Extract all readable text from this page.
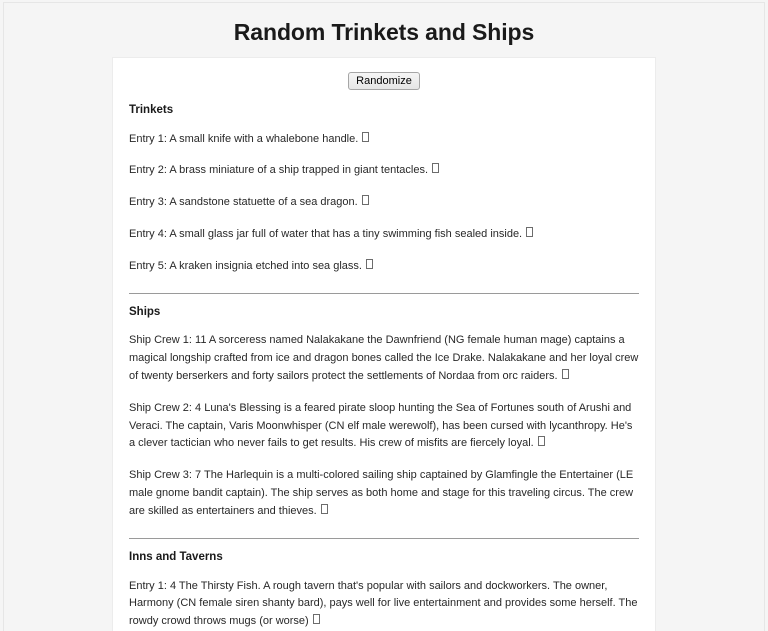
Random Trinkets and Ships
Randomize
Trinkets

Entry 1: A small knife with a whalebone handle.

Entry 2: A brass miniature of a ship trapped in giant tentacles.

Entry 3: A sandstone statuette of a sea dragon.

Entry 4: A small glass jar full of water that has a tiny swimming fish sealed inside.

Entry 5: A kraken insignia etched into sea glass.

Ships

Ship Crew 1: 11 A sorceress named Nalakakane the Dawnfriend (NG female human mage) captains a magical longship crafted from ice and dragon bones called the Ice Drake. Nalakakane and her loyal crew of twenty berserkers and forty sailors protect the settlements of Nordaa from orc raiders.

Ship Crew 2: 4 Luna's Blessing is a feared pirate sloop hunting the Sea of Fortunes south of Arushi and Veraci. The captain, Varis Moonwhisper (CN elf male werewolf), has been cursed with lycanthropy. He's a clever tactician who never fails to get results. His crew of misfits are fiercely loyal.

Ship Crew 3: 7 The Harlequin is a multi-colored sailing ship captained by Glamfingle the Entertainer (LE male gnome bandit captain). The ship serves as both home and stage for this traveling circus. The crew are skilled as entertainers and thieves.

Inns and Taverns

Entry 1: 4 The Thirsty Fish. A rough tavern that's popular with sailors and dockworkers. The owner, Harmony (CN female siren shanty bard), pays well for live entertainment and provides some herself. The rowdy crowd throws mugs (or worse)
